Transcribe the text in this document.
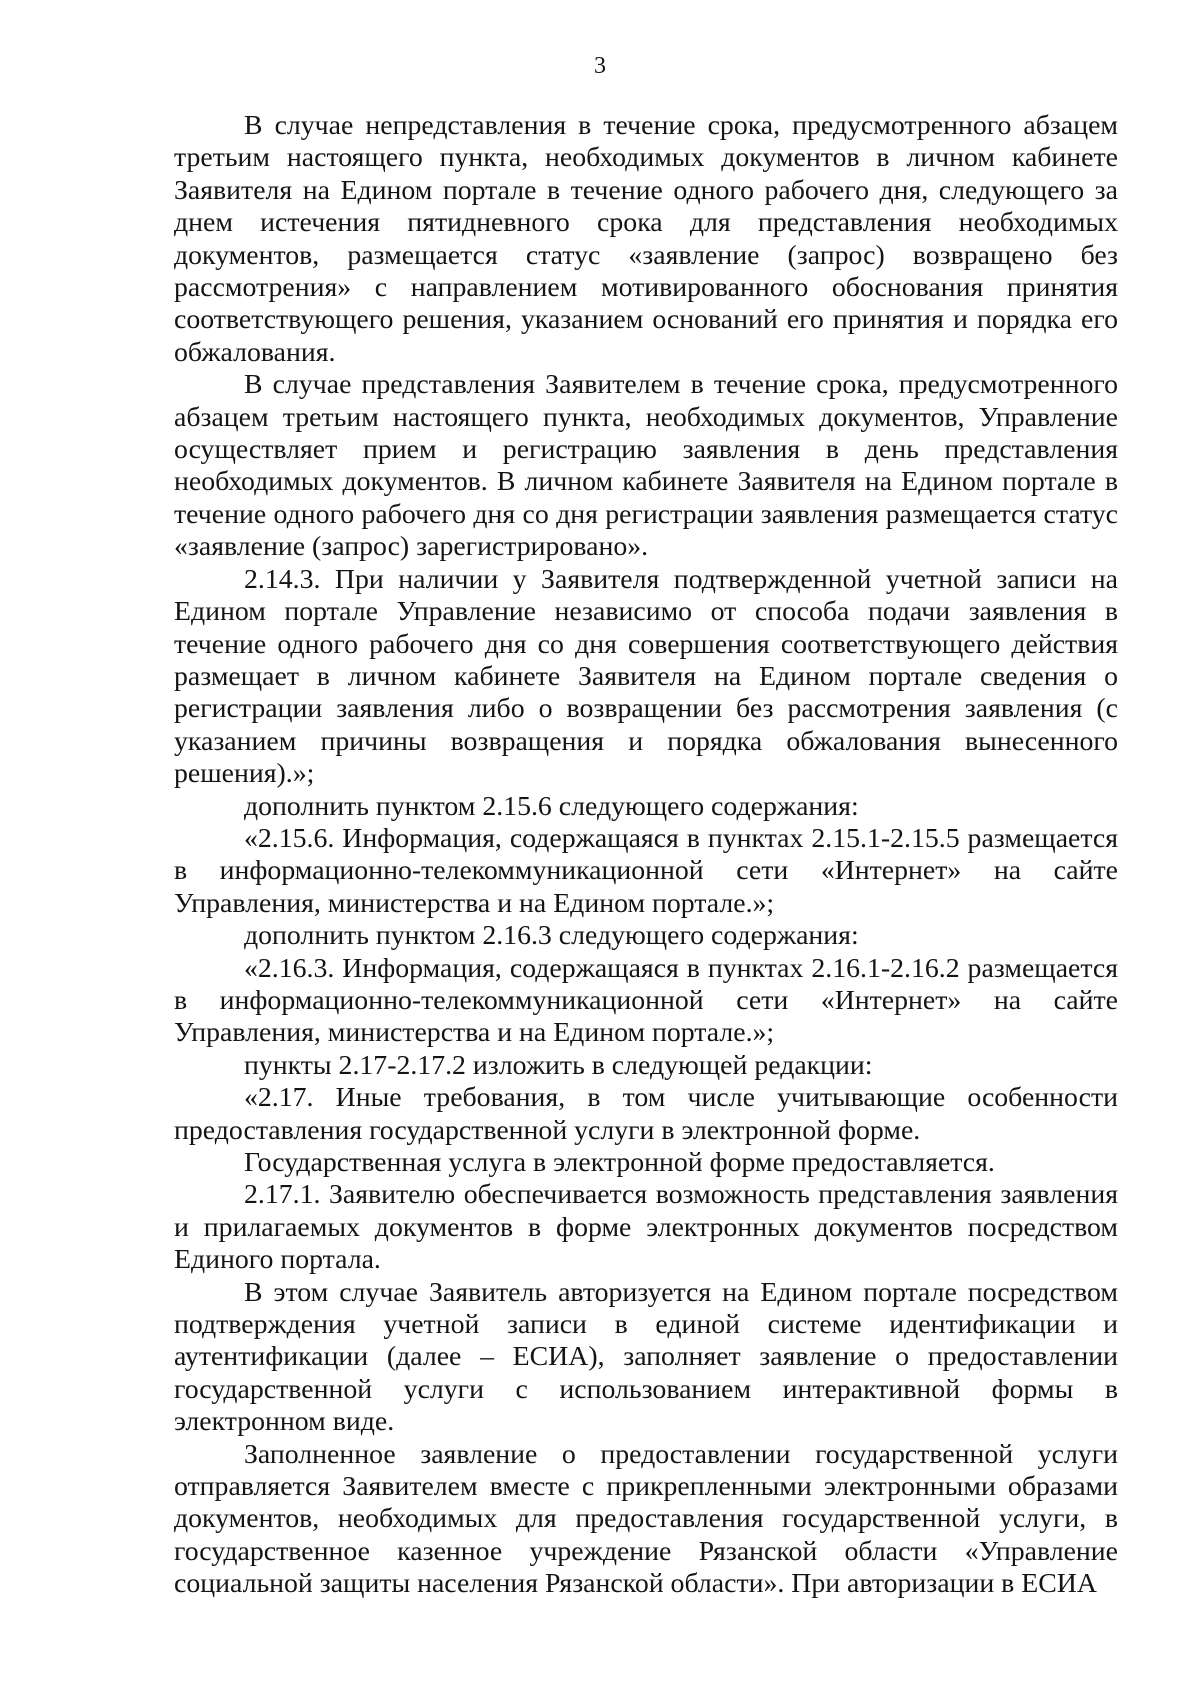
3

В случае непредставления в течение срока, предусмотренного абзацем третьим настоящего пункта, необходимых документов в личном кабинете Заявителя на Едином портале в течение одного рабочего дня, следующего за днем истечения пятидневного срока для представления необходимых документов, размещается статус «заявление (запрос) возвращено без рассмотрения» с направлением мотивированного обоснования принятия соответствующего решения, указанием оснований его принятия и порядка его обжалования.

В случае представления Заявителем в течение срока, предусмотренного абзацем третьим настоящего пункта, необходимых документов, Управление осуществляет прием и регистрацию заявления в день представления необходимых документов. В личном кабинете Заявителя на Едином портале в течение одного рабочего дня со дня регистрации заявления размещается статус «заявление (запрос) зарегистрировано».

2.14.3. При наличии у Заявителя подтвержденной учетной записи на Едином портале Управление независимо от способа подачи заявления в течение одного рабочего дня со дня совершения соответствующего действия размещает в личном кабинете Заявителя на Едином портале сведения о регистрации заявления либо о возвращении без рассмотрения заявления (с указанием причины возвращения и порядка обжалования вынесенного решения).»;

дополнить пунктом 2.15.6 следующего содержания:

«2.15.6. Информация, содержащаяся в пунктах 2.15.1-2.15.5 размещается в информационно-телекоммуникационной сети «Интернет» на сайте Управления, министерства и на Едином портале.»;

дополнить пунктом 2.16.3 следующего содержания:

«2.16.3. Информация, содержащаяся в пунктах 2.16.1-2.16.2 размещается в информационно-телекоммуникационной сети «Интернет» на сайте Управления, министерства и на Едином портале.»;

пункты 2.17-2.17.2 изложить в следующей редакции:

«2.17. Иные требования, в том числе учитывающие особенности предоставления государственной услуги в электронной форме.

Государственная услуга в электронной форме предоставляется.

2.17.1. Заявителю обеспечивается возможность представления заявления и прилагаемых документов в форме электронных документов посредством Единого портала.

В этом случае Заявитель авторизуется на Едином портале посредством подтверждения учетной записи в единой системе идентификации и аутентификации (далее – ЕСИА), заполняет заявление о предоставлении государственной услуги с использованием интерактивной формы в электронном виде.

Заполненное заявление о предоставлении государственной услуги отправляется Заявителем вместе с прикрепленными электронными образами документов, необходимых для предоставления государственной услуги, в государственное казенное учреждение Рязанской области «Управление социальной защиты населения Рязанской области». При авторизации в ЕСИА
